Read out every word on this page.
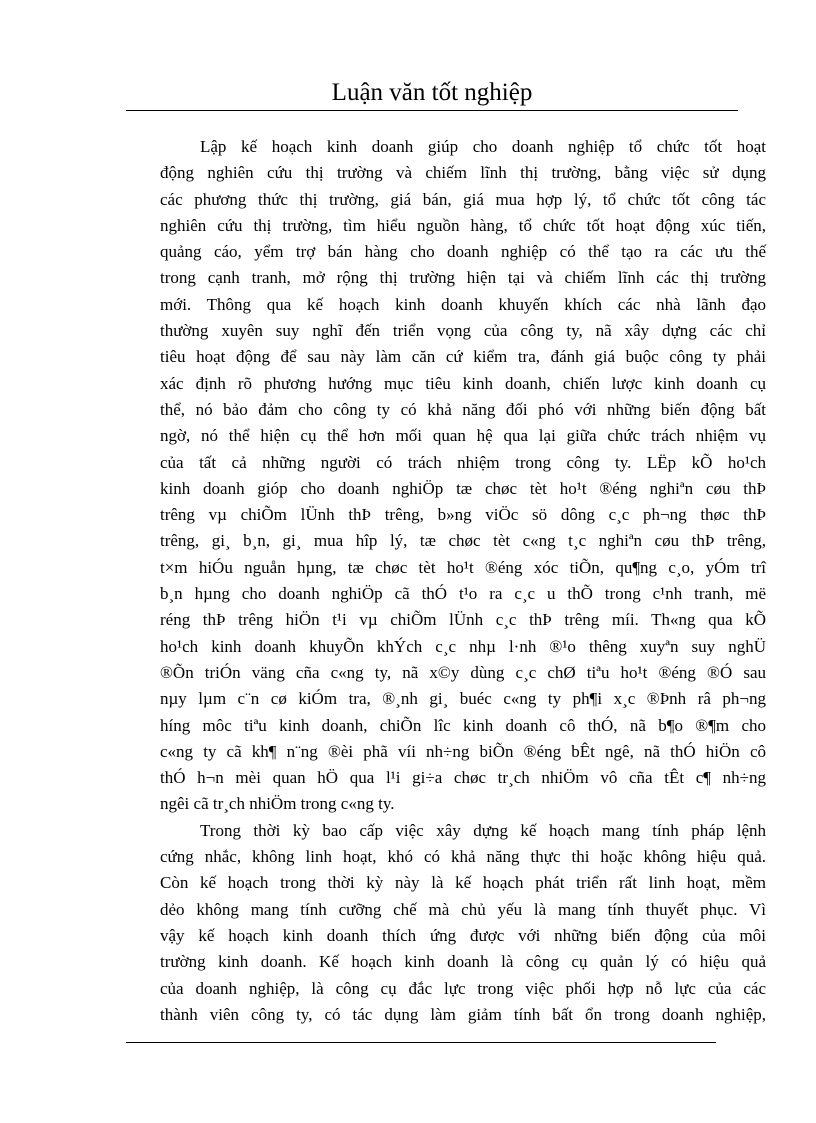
Luận văn tốt nghiệp
Lập kế hoạch kinh doanh giúp cho doanh nghiệp tổ chức tốt hoạt
động nghiên cứu thị trường và chiếm lĩnh thị trường, bằng việc sử dụng
các phương thức thị trường, giá bán, giá mua hợp lý, tổ chức tốt công tác
nghiên cứu thị trường, tìm hiểu nguồn hàng, tổ chức tốt hoạt động xúc tiến,
quảng cáo, yểm trợ bán hàng cho doanh nghiệp có thể tạo ra các ưu thế
trong cạnh tranh, mở rộng thị trường hiện tại và chiếm lĩnh các thị trường
mới. Thông qua kế hoạch kinh doanh khuyến khích các nhà lãnh đạo
thường xuyên suy nghĩ đến triển vọng của công ty, nã xây dựng các chỉ
tiêu hoạt động để sau này làm căn cứ kiểm tra, đánh giá buộc công ty phải
xác định rõ phương hướng mục tiêu kinh doanh, chiến lược kinh doanh cụ
thể, nó bảo đảm cho công ty có khả năng đối phó với những biến động bất
ngờ, nó thể hiện cụ thể hơn mối quan hệ qua lại giữa chức trách nhiệm vụ
của tất cả những người có trách nhiệm trong công ty. LËp kÕ ho¹ch
kinh doanh gióp cho doanh nghiÖp tæ chøc tèt ho¹t ®éng nghiªn cøu thÞ
trêng vµ chiÕm lÜnh thÞ trêng, b»ng viÖc sö dông c¸c ph¬ng thøc thÞ
trêng, gi¸ b¸n, gi¸ mua hîp lý, tæ chøc tèt c«ng t¸c nghiªn cøu thÞ trêng,
t×m hiÓu nguån hµng, tæ chøc tèt ho¹t ®éng xóc tiÕn, qu¶ng c¸o, yÓm trî
b¸n hµng cho doanh nghiÖp cã thÓ t¹o ra c¸c u thÕ trong c¹nh tranh, më
réng thÞ trêng hiÖn t¹i vµ chiÕm lÜnh c¸c thÞ trêng míi. Th«ng qua kÕ
ho¹ch kinh doanh khuyÕn khÝch c¸c nhµ l·nh ®¹o thêng xuyªn suy nghÜ
®Õn triÓn väng cña c«ng ty, nã x©y dùng c¸c chØ tiªu ho¹t ®éng ®Ó sau
nµy lµm c¨n cø kiÓm tra, ®¸nh gi¸ buéc c«ng ty ph¶i x¸c ®Þnh râ ph¬ng
híng môc tiªu kinh doanh, chiÕn lîc kinh doanh cô thÓ, nã b¶o ®¶m cho
c«ng ty cã kh¶ n¨ng ®èi phã víi nh÷ng biÕn ®éng bÊt ngê, nã thÓ hiÖn cô
thÓ h¬n mèi quan hÖ qua l¹i gi÷a chøc tr¸ch nhiÖm vô cña tÊt c¶ nh÷ng
ngêi cã tr¸ch nhiÖm trong c«ng ty.
Trong thời kỳ bao cấp việc xây dựng kế hoạch mang tính pháp lệnh
cứng nhắc, không linh hoạt, khó có khả năng thực thi hoặc không hiệu quả.
Còn kế hoạch trong thời kỳ này là kế hoạch phát triển rất linh hoạt, mềm
dẻo không mang tính cưỡng chế mà chủ yếu là mang tính thuyết phục. Vì
vậy kế hoạch kinh doanh thích ứng được với những biến động của môi
trường kinh doanh. Kế hoạch kinh doanh là công cụ quản lý có hiệu quả
của doanh nghiệp, là công cụ đắc lực trong việc phối hợp nỗ lực của các
thành viên công ty, có tác dụng làm giảm tính bất ổn trong doanh nghiệp,
